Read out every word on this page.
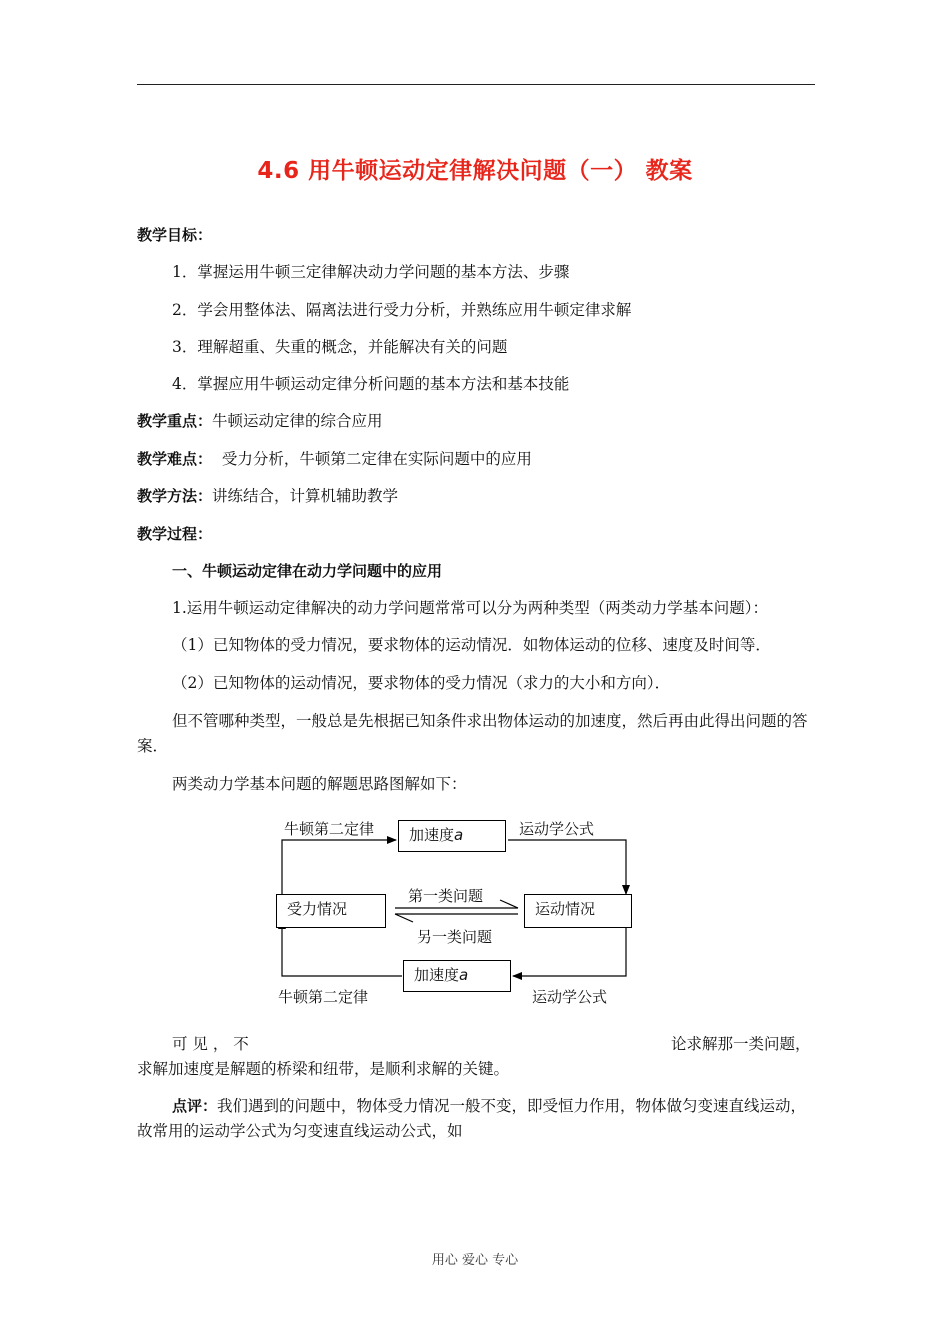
4.6 用牛顿运动定律解决问题（一） 教案
教学目标：
1．掌握运用牛顿三定律解决动力学问题的基本方法、步骤
2．学会用整体法、隔离法进行受力分析，并熟练应用牛顿定律求解
3．理解超重、失重的概念，并能解决有关的问题
4．掌握应用牛顿运动定律分析问题的基本方法和基本技能
教学重点：牛顿运动定律的综合应用
教学难点：  受力分析，牛顿第二定律在实际问题中的应用
教学方法：讲练结合，计算机辅助教学
教学过程：
一、牛顿运动定律在动力学问题中的应用
1.运用牛顿运动定律解决的动力学问题常常可以分为两种类型（两类动力学基本问题）：
（1）已知物体的受力情况，要求物体的运动情况．如物体运动的位移、速度及时间等．
（2）已知物体的运动情况，要求物体的受力情况（求力的大小和方向）．
但不管哪种类型，一般总是先根据已知条件求出物体运动的加速度，然后再由此得出问题的答案．
两类动力学基本问题的解题思路图解如下：
牛顿第二定律	加速度a	运动学公式
受力情况
第一类问题
另一类问题
运动情况
加速度a
牛顿第二定律	运动学公式
可 见 ， 不	论求解那一类问题，
求解加速度是解题的桥梁和纽带，是顺利求解的关键。
点评：我们遇到的问题中，物体受力情况一般不变，即受恒力作用，物体做匀变速直线运动，故常用的运动学公式为匀变速直线运动公式，如
用心 爱心 专心
